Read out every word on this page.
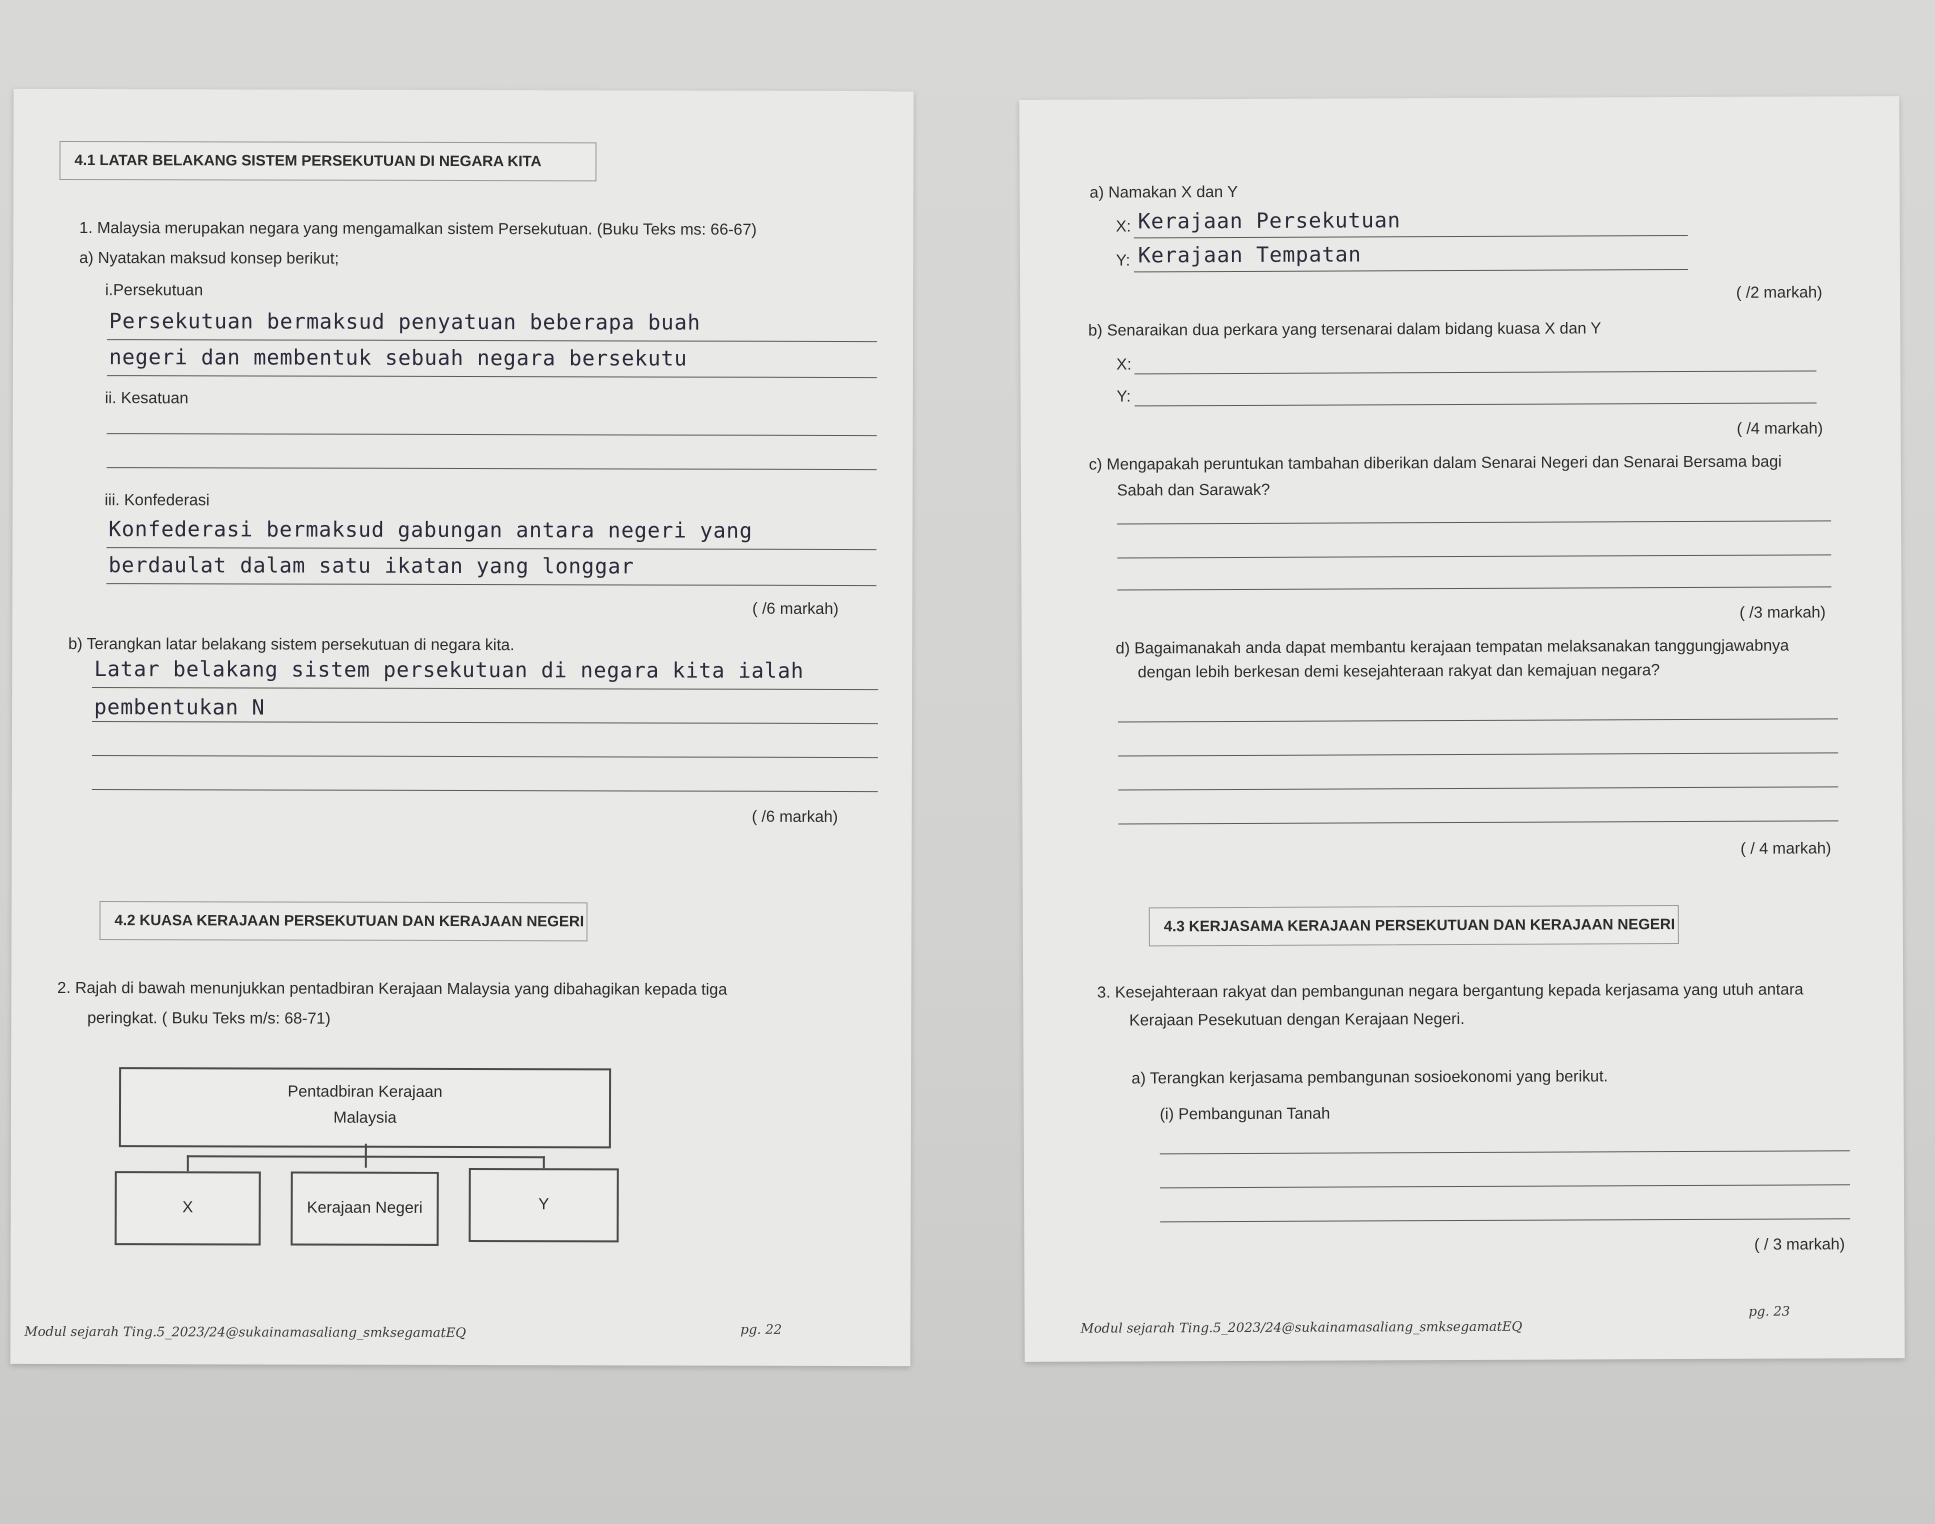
4.1 LATAR BELAKANG SISTEM PERSEKUTUAN DI NEGARA KITA
1. Malaysia merupakan negara yang mengamalkan sistem Persekutuan. (Buku Teks ms: 66-67)
a) Nyatakan maksud konsep berikut;
i.Persekutuan
Persekutuan bermaksud penyatuan beberapa buah
negeri dan membentuk sebuah negara bersekutu
ii. Kesatuan
iii. Konfederasi
Konfederasi bermaksud gabungan antara negeri yang
berdaulat dalam satu ikatan yang longgar
( /6 markah)
b) Terangkan latar belakang sistem persekutuan di negara kita.
Latar belakang sistem persekutuan di negara kita ialah
pembentukan N
( /6 markah)
4.2 KUASA KERAJAAN PERSEKUTUAN DAN KERAJAAN NEGERI
2. Rajah di bawah menunjukkan pentadbiran Kerajaan Malaysia yang dibahagikan kepada tiga
peringkat. ( Buku Teks m/s: 68-71)
Pentadbiran Kerajaan
Malaysia
X	Kerajaan Negeri	Y
Modul sejarah Ting.5_2023/24@sukainamasaliang_smksegamatEQ	pg. 22
a) Namakan X dan Y
X: Kerajaan Persekutuan
Y: Kerajaan Tempatan
( /2 markah)
b) Senaraikan dua perkara yang tersenarai dalam bidang kuasa X dan Y
X:
Y:
( /4 markah)
c) Mengapakah peruntukan tambahan diberikan dalam Senarai Negeri dan Senarai Bersama bagi
Sabah dan Sarawak?
( /3 markah)
d) Bagaimanakah anda dapat membantu kerajaan tempatan melaksanakan tanggungjawabnya
dengan lebih berkesan demi kesejahteraan rakyat dan kemajuan negara?
( / 4 markah)
4.3 KERJASAMA KERAJAAN PERSEKUTUAN DAN KERAJAAN NEGERI
3. Kesejahteraan rakyat dan pembangunan negara bergantung kepada kerjasama yang utuh antara
Kerajaan Pesekutuan dengan Kerajaan Negeri.
a) Terangkan kerjasama pembangunan sosioekonomi yang berikut.
(i) Pembangunan Tanah
( / 3 markah)
Modul sejarah Ting.5_2023/24@sukainamasaliang_smksegamatEQ
pg. 23
